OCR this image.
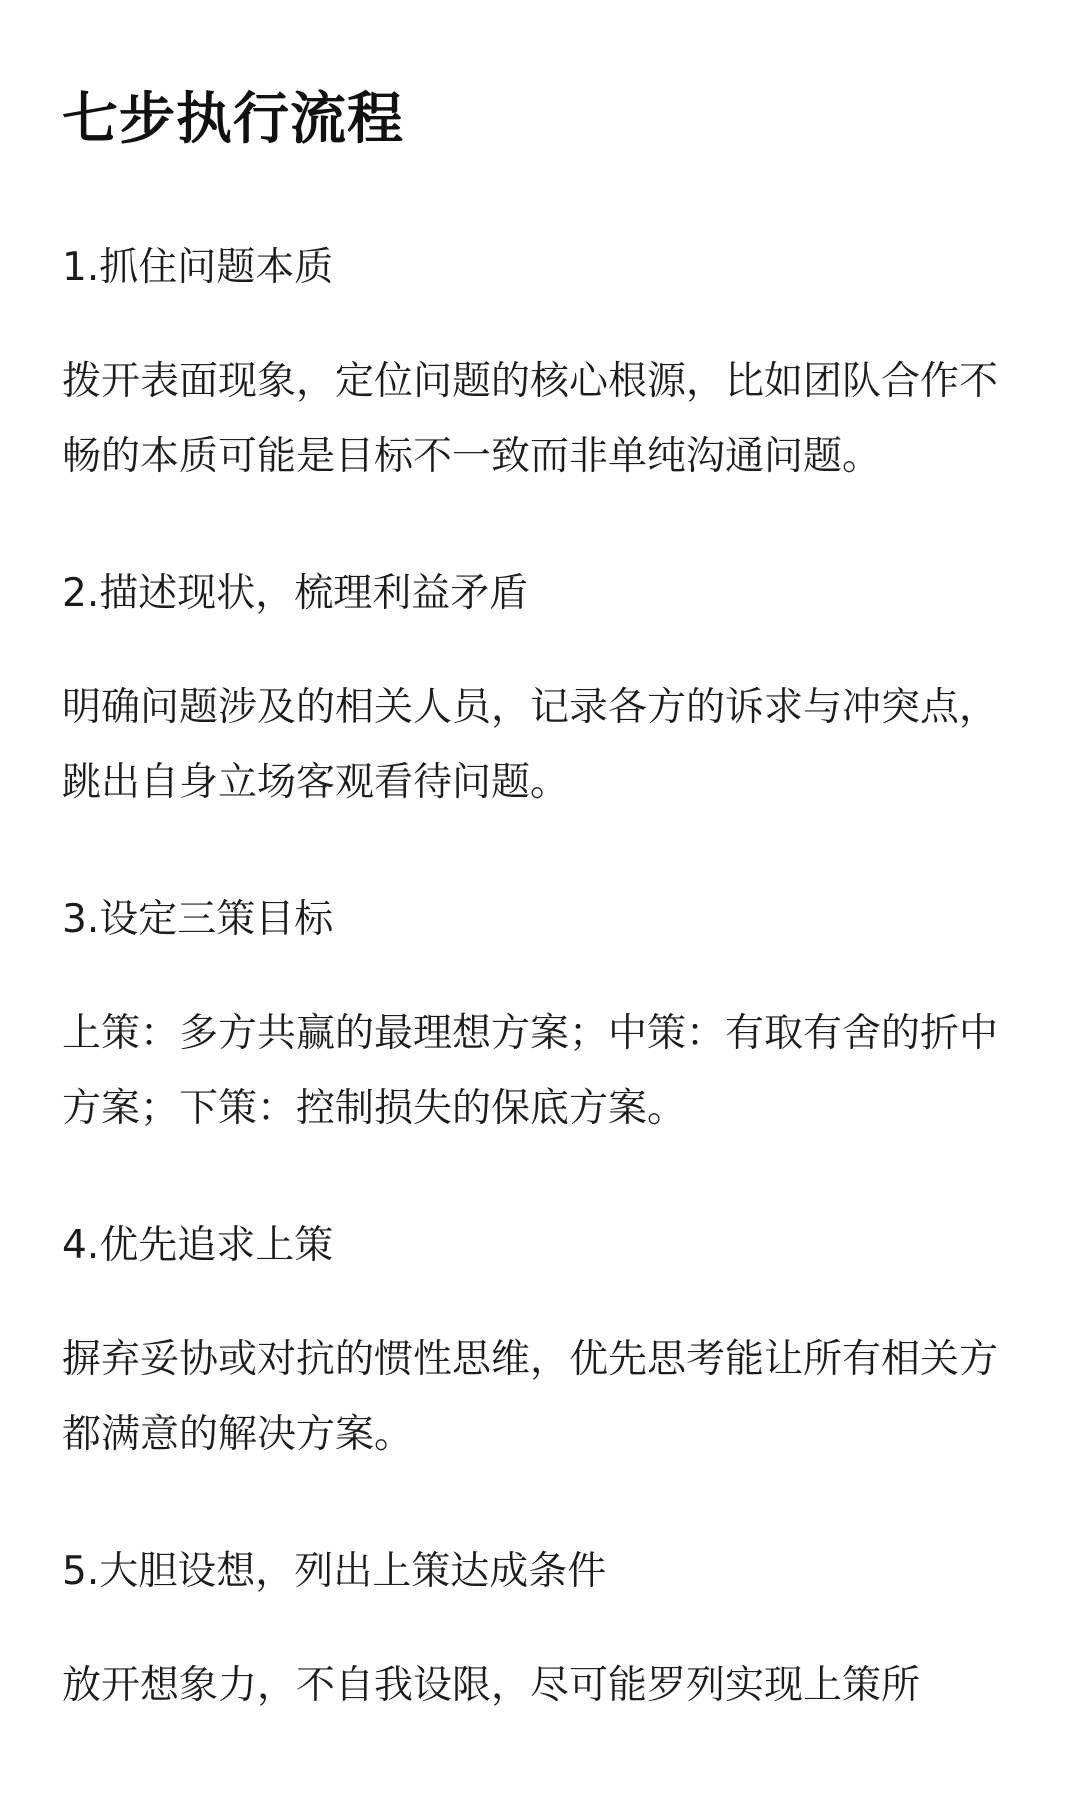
七步执行流程

1.抓住问题本质

拨开表面现象，定位问题的核心根源，比如团队合作不畅的本质可能是目标不一致而非单纯沟通问题。

2.描述现状，梳理利益矛盾

明确问题涉及的相关人员，记录各方的诉求与冲突点，跳出自身立场客观看待问题。

3.设定三策目标

上策：多方共赢的最理想方案；中策：有取有舍的折中方案；下策：控制损失的保底方案。

4.优先追求上策

摒弃妥协或对抗的惯性思维，优先思考能让所有相关方都满意的解决方案。

5.大胆设想，列出上策达成条件

放开想象力，不自我设限，尽可能罗列实现上策所
